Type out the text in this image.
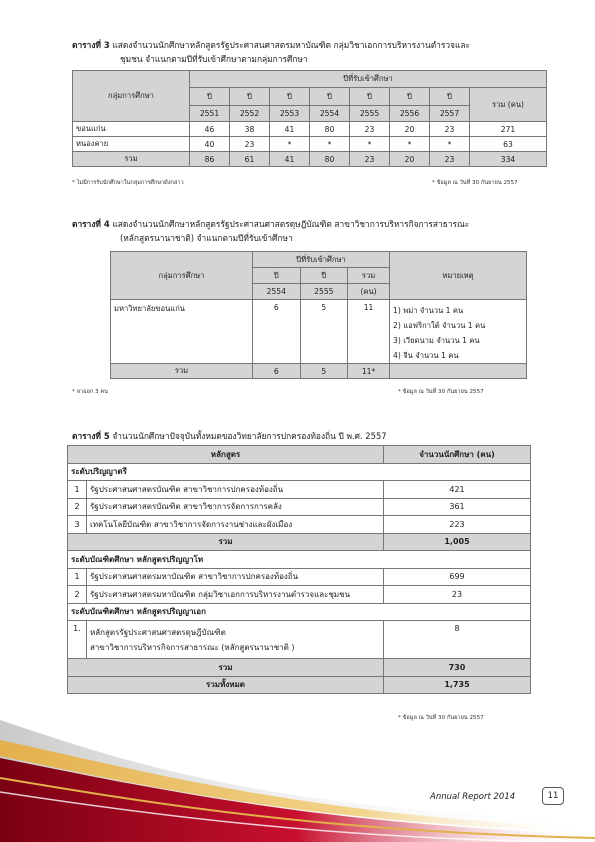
ตารางที่ 3 แสดงจำนวนนักศึกษาหลักสูตรรัฐประศาสนศาสตรมหาบัณฑิต กลุ่มวิชาเอกการบริหารงานตำรวจและ
ชุมชน จำแนกตามปีที่รับเข้าศึกษาตามกลุ่มการศึกษา
กลุ่มการศึกษา	ปีที่รับเข้าศึกษา							
	ปี	ปี	ปี	ปี	ปี	ปี	ปี	รวม (คน)
	2551	2552	2553	2554	2555	2556	2557	
ขอนแก่น	46	38	41	80	23	20	23	271
หนองคาย	40	23	*	*	*	*	*	63
รวม	86	61	41	80	23	20	23	334
* ไม่มีการรับนักศึกษาในกลุ่มการศึกษาดังกล่าว	* ข้อมูล ณ วันที่ 30 กันยายน 2557
ตารางที่ 4 แสดงจำนวนนักศึกษาหลักสูตรรัฐประศาสนศาสตรดุษฎีบัณฑิต สาขาวิชาการบริหารกิจการสาธารณะ
(หลักสูตรนานาชาติ) จำแนกตามปีที่รับเข้าศึกษา
กลุ่มการศึกษา	ปีที่รับเข้าศึกษา			หมายเหตุ
	ปี	ปี	รวม	
	2554	2555	(คน)	
มหาวิทยาลัยขอนแก่น	6	5	11	1) พม่า จำนวน 1 คน
2) แอฟริกาใต้ จำนวน 1 คน
3) เวียดนาม จำนวน 1 คน
4) จีน จำนวน 1 คน

รวม	6	5	11*	
* ลาออก 3 คน	* ข้อมูล ณ วันที่ 30 กันยายน 2557
ตารางที่ 5 จำนวนนักศึกษาปัจจุบันทั้งหมดของวิทยาลัยการปกครองท้องถิ่น ปี พ.ศ. 2557
หลักสูตร		จำนวนนักศึกษา (คน)
ระดับปริญญาตรี		
1	รัฐประศาสนศาสตรบัณฑิต สาขาวิชาการปกครองท้องถิ่น	421
2	รัฐประศาสนศาสตรบัณฑิต สาขาวิชาการจัดการการคลัง	361
3	เทคโนโลยีบัณฑิต สาขาวิชาการจัดการงานช่างและผังเมือง	223
รวม		1,005
ระดับบัณฑิตศึกษา หลักสูตรปริญญาโท		
1	รัฐประศาสนศาสตรมหาบัณฑิต สาขาวิชาการปกครองท้องถิ่น	699
2	รัฐประศาสนศาสตรมหาบัณฑิต กลุ่มวิชาเอกการบริหารงานตำรวจและชุมชน	23
ระดับบัณฑิตศึกษา หลักสูตรปริญญาเอก		
1.	หลักสูตรรัฐประศาสนศาสตรดุษฎีบัณฑิต
สาขาวิชาการบริหารกิจการสาธารณะ (หลักสูตรนานาชาติ )	8
รวม		730
รวมทั้งหมด		1,735
* ข้อมูล ณ วันที่ 30 กันยายน 2557
Annual Report 2014	11
